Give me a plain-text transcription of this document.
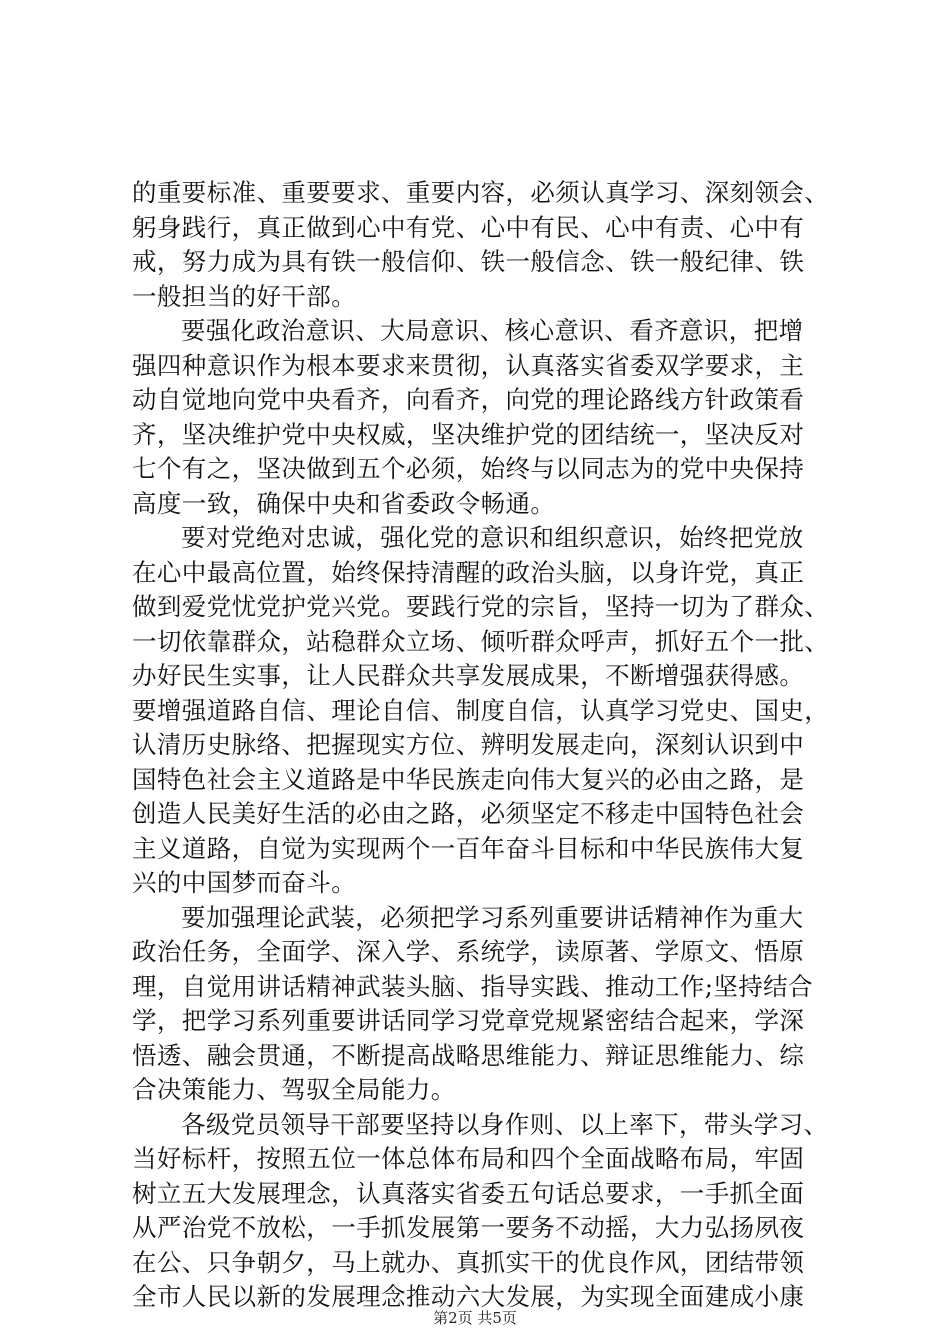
的重要标准、重要要求、重要内容，必须认真学习、深刻领会、
躬身践行，真正做到心中有党、心中有民、心中有责、心中有
戒，努力成为具有铁一般信仰、铁一般信念、铁一般纪律、铁
一般担当的好干部。
要强化政治意识、大局意识、核心意识、看齐意识，把增
强四种意识作为根本要求来贯彻，认真落实省委双学要求，主
动自觉地向党中央看齐，向看齐，向党的理论路线方针政策看
齐，坚决维护党中央权威，坚决维护党的团结统一，坚决反对
七个有之，坚决做到五个必须，始终与以同志为的党中央保持
高度一致，确保中央和省委政令畅通。
要对党绝对忠诚，强化党的意识和组织意识，始终把党放
在心中最高位置，始终保持清醒的政治头脑，以身许党，真正
做到爱党忧党护党兴党。要践行党的宗旨，坚持一切为了群众、
一切依靠群众，站稳群众立场、倾听群众呼声，抓好五个一批、
办好民生实事，让人民群众共享发展成果，不断增强获得感。
要增强道路自信、理论自信、制度自信，认真学习党史、国史，
认清历史脉络、把握现实方位、辨明发展走向，深刻认识到中
国特色社会主义道路是中华民族走向伟大复兴的必由之路，是
创造人民美好生活的必由之路，必须坚定不移走中国特色社会
主义道路，自觉为实现两个一百年奋斗目标和中华民族伟大复
兴的中国梦而奋斗。
要加强理论武装，必须把学习系列重要讲话精神作为重大
政治任务，全面学、深入学、系统学，读原著、学原文、悟原
理，自觉用讲话精神武装头脑、指导实践、推动工作;坚持结合
学，把学习系列重要讲话同学习党章党规紧密结合起来，学深
悟透、融会贯通，不断提高战略思维能力、辩证思维能力、综
合决策能力、驾驭全局能力。
各级党员领导干部要坚持以身作则、以上率下，带头学习、
当好标杆，按照五位一体总体布局和四个全面战略布局，牢固
树立五大发展理念，认真落实省委五句话总要求，一手抓全面
从严治党不放松，一手抓发展第一要务不动摇，大力弘扬夙夜
在公、只争朝夕，马上就办、真抓实干的优良作风，团结带领
全市人民以新的发展理念推动六大发展，为实现全面建成小康
第2页 共5页
